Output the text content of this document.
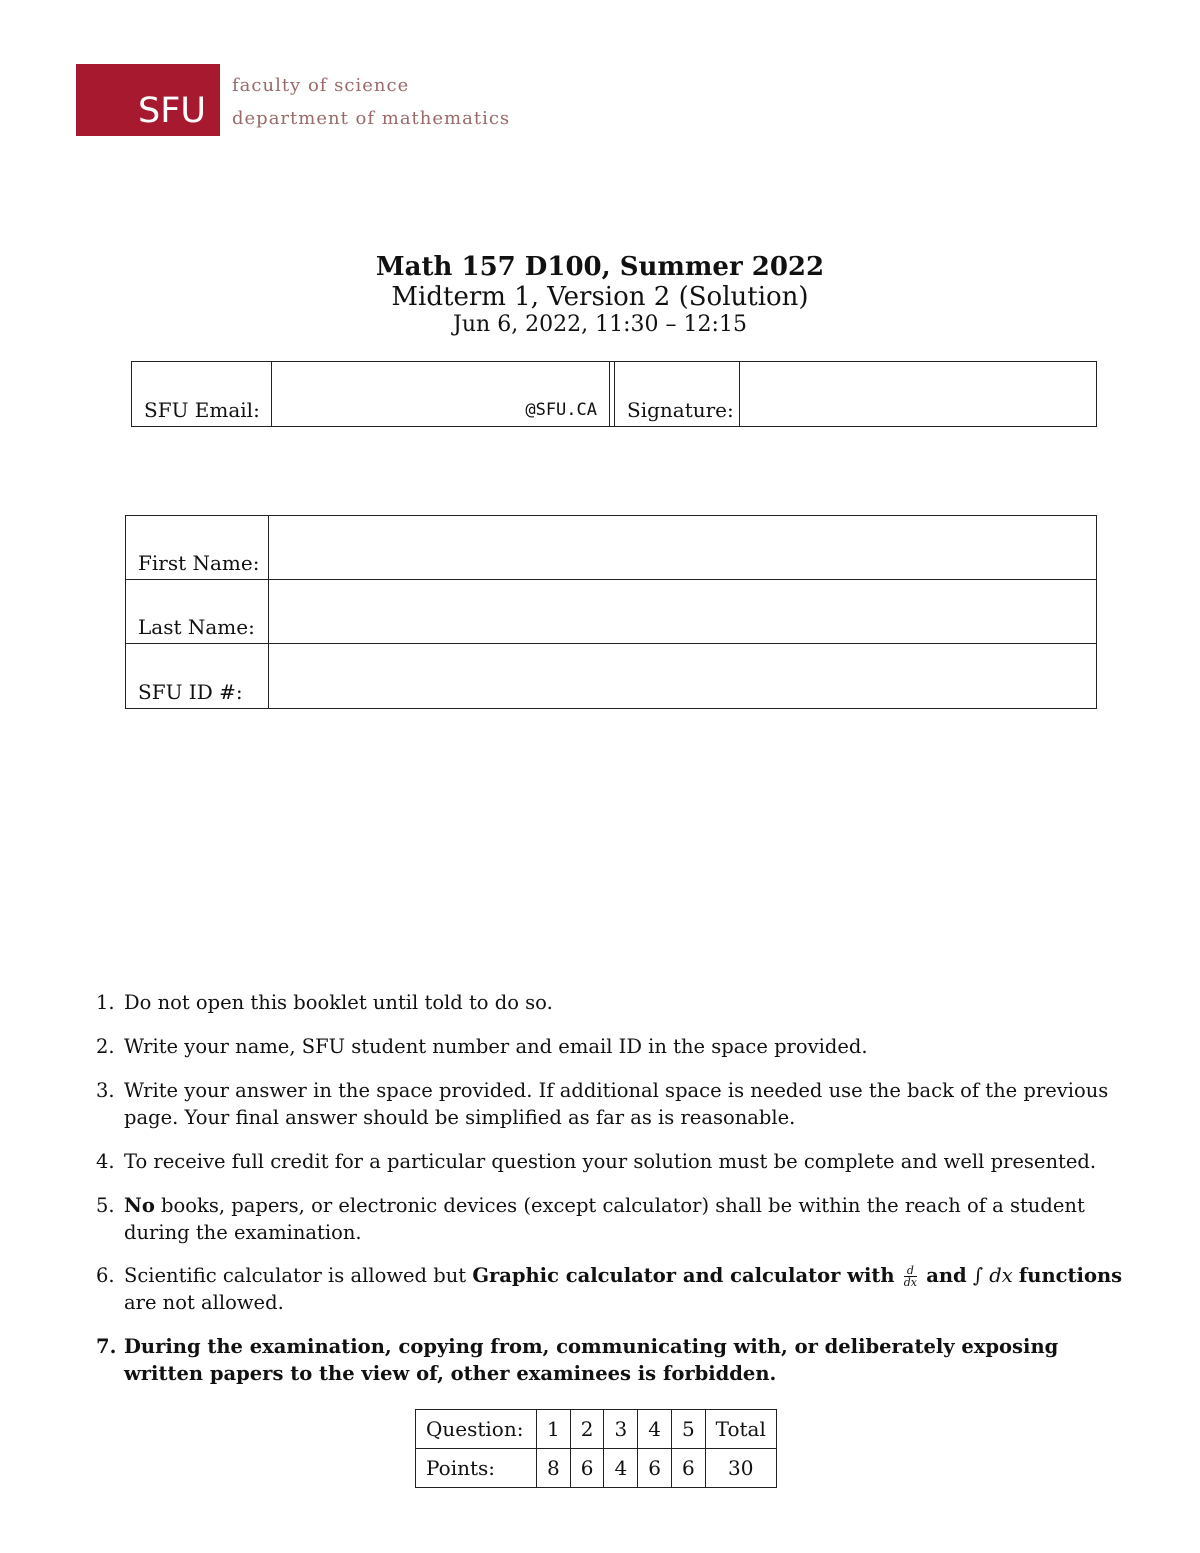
SFU
faculty of science
department of mathematics
Math 157 D100, Summer 2022
Midterm 1, Version 2 (Solution)
Jun 6, 2022, 11:30 – 12:15
SFU Email:	@SFU.CA Signature:
First Name:
Last Name:
SFU ID #:
1. Do not open this booklet until told to do so.
2. Write your name, SFU student number and email ID in the space provided.
3. Write your answer in the space provided. If additional space is needed use the back of the previous page. Your final answer should be simplified as far as is reasonable.
4. To receive full credit for a particular question your solution must be complete and well presented.
5. No books, papers, or electronic devices (except calculator) shall be within the reach of a student during the examination.
6. Scientific calculator is allowed but Graphic calculator and calculator with $\frac{d}{dx}$ and ∫ dx functions
are not allowed.
7. During the examination, copying from, communicating with, or deliberately exposing written papers to the view of, other examinees is forbidden.
Question:	1	2	3	4	5	Total
Points:	8	6	4	6	6	30
